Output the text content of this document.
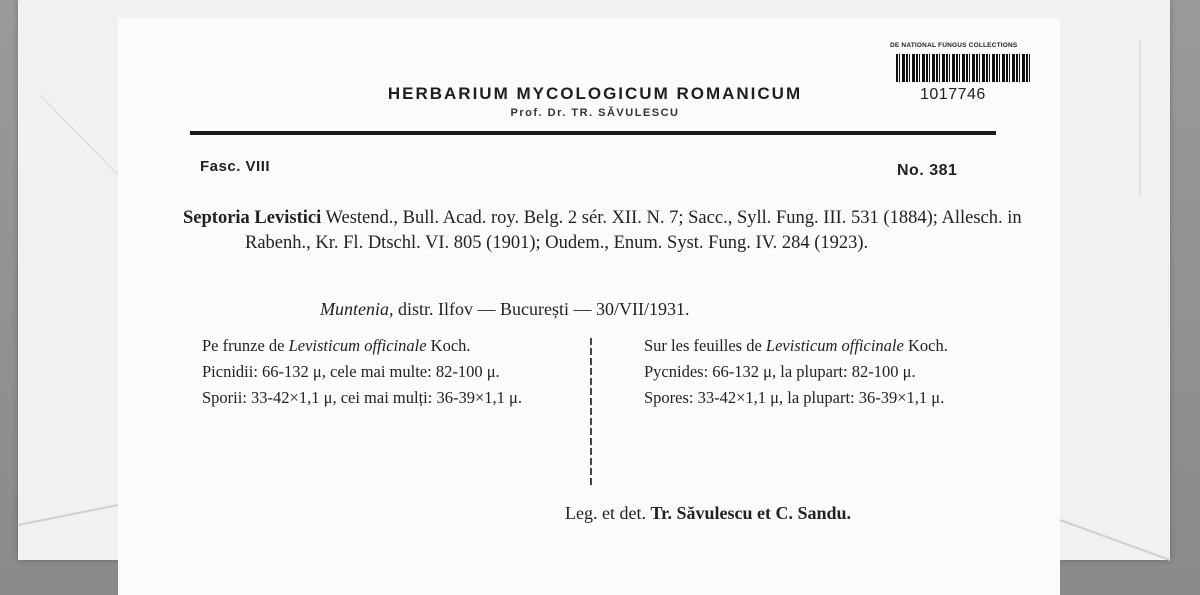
HERBARIUM MYCOLOGICUM ROMANICUM
Prof. Dr. TR. SĂVULESCU
DE NATIONAL FUNGUS COLLECTIONS
1017746
Fasc. VIII	No. 381
Septoria Levistici Westend., Bull. Acad. roy. Belg. 2 sér. XII. N. 7; Sacc., Syll. Fung. III. 531 (1884); Allesch. in Rabenh., Kr. Fl. Dtschl. VI. 805 (1901); Oudem., Enum. Syst. Fung. IV. 284 (1923).
Muntenia, distr. Ilfov — București — 30/VII/1931.

Pe frunze de Levisticum officinale Koch.

Picnidii: 66-132 μ, cele mai multe: 82-100 μ.

Sporii: 33-42×1,1 μ, cei mai mulți: 36-39×1,1 μ.

Sur les feuilles de Levisticum officinale Koch.

Pycnides: 66-132 μ, la plupart: 82-100 μ.

Spores: 33-42×1,1 μ, la plupart: 36-39×1,1 μ.

Leg. et det. Tr. Săvulescu et C. Sandu.
